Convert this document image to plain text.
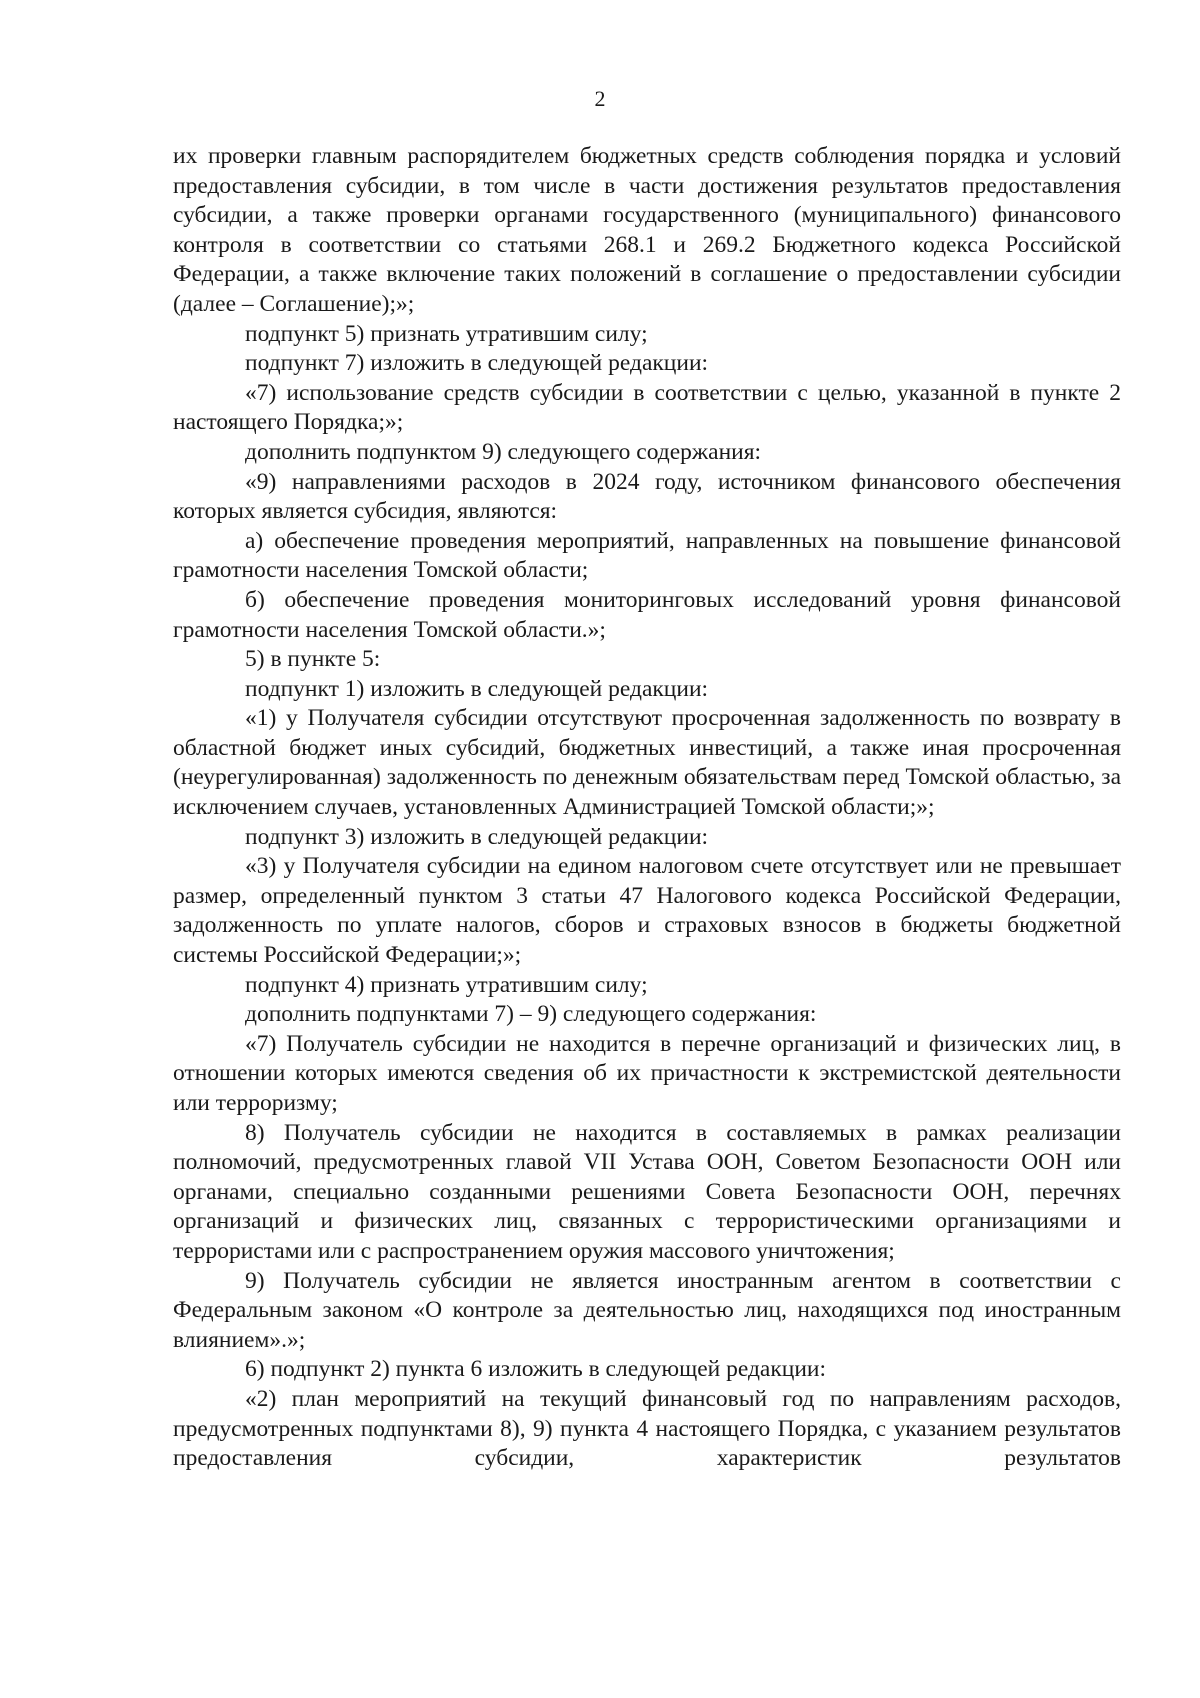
2

их проверки главным распорядителем бюджетных средств соблюдения порядка и условий предоставления субсидии, в том числе в части достижения результатов предоставления субсидии, а также проверки органами государственного (муниципального) финансового контроля в соответствии со статьями 268.1 и 269.2 Бюджетного кодекса Российской Федерации, а также включение таких положений в соглашение о предоставлении субсидии (далее – Соглашение);»;

подпункт 5) признать утратившим силу;

подпункт 7) изложить в следующей редакции:

«7) использование средств субсидии в соответствии с целью, указанной в пункте 2 настоящего Порядка;»;

дополнить подпунктом 9) следующего содержания:

«9) направлениями расходов в 2024 году, источником финансового обеспечения которых является субсидия, являются:

а) обеспечение проведения мероприятий, направленных на повышение финансовой грамотности населения Томской области;

б) обеспечение проведения мониторинговых исследований уровня финансовой грамотности населения Томской области.»;

5) в пункте 5:

подпункт 1) изложить в следующей редакции:

«1) у Получателя субсидии отсутствуют просроченная задолженность по возврату в областной бюджет иных субсидий, бюджетных инвестиций, а также иная просроченная (неурегулированная) задолженность по денежным обязательствам перед Томской областью, за исключением случаев, установленных Администрацией Томской области;»;

подпункт 3) изложить в следующей редакции:

«3) у Получателя субсидии на едином налоговом счете отсутствует или не превышает размер, определенный пунктом 3 статьи 47 Налогового кодекса Российской Федерации, задолженность по уплате налогов, сборов и страховых взносов в бюджеты бюджетной системы Российской Федерации;»;

подпункт 4) признать утратившим силу;

дополнить подпунктами 7) – 9) следующего содержания:

«7) Получатель субсидии не находится в перечне организаций и физических лиц, в отношении которых имеются сведения об их причастности к экстремистской деятельности или терроризму;

8) Получатель субсидии не находится в составляемых в рамках реализации полномочий, предусмотренных главой VII Устава ООН, Советом Безопасности ООН или органами, специально созданными решениями Совета Безопасности ООН, перечнях организаций и физических лиц, связанных с террористическими организациями и террористами или с распространением оружия массового уничтожения;

9) Получатель субсидии не является иностранным агентом в соответствии с Федеральным законом «О контроле за деятельностью лиц, находящихся под иностранным влиянием».»;

6) подпункт 2) пункта 6 изложить в следующей редакции:

«2) план мероприятий на текущий финансовый год по направлениям расходов, предусмотренных подпунктами 8), 9) пункта 4 настоящего Порядка, с указанием результатов предоставления субсидии, характеристик результатов
